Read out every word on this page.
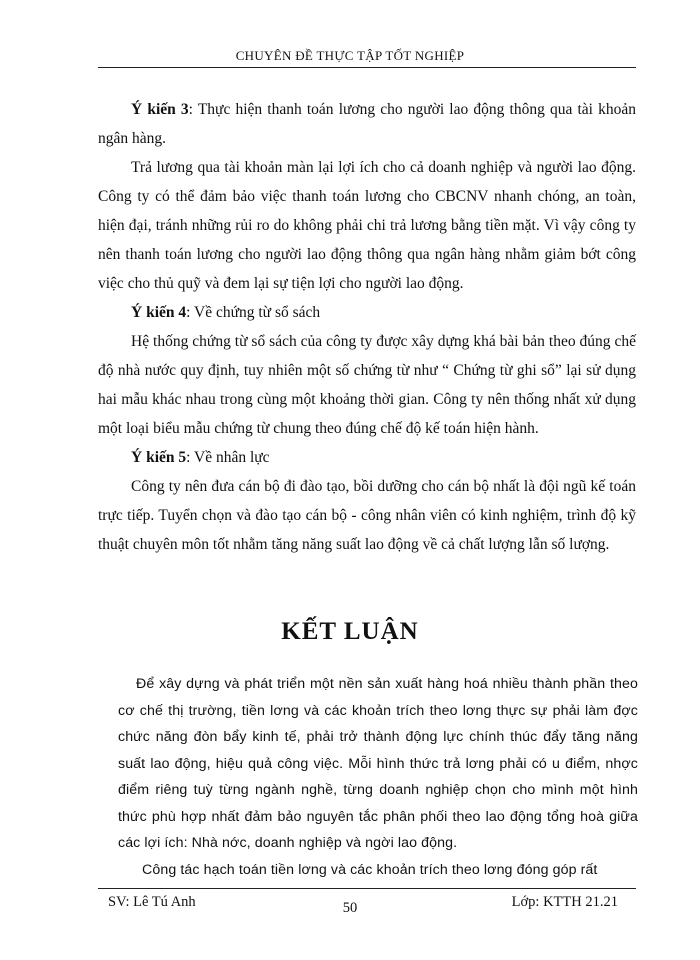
CHUYÊN ĐỀ THỰC TẬP TỐT NGHIỆP

Ý kiến 3: Thực hiện thanh toán lương cho người lao động thông qua tài khoản ngân hàng.

Trả lương qua tài khoản màn lại lợi ích cho cả doanh nghiệp và người lao động. Công ty có thể đảm bảo việc thanh toán lương cho CBCNV nhanh chóng, an toàn, hiện đại, tránh những rủi ro do không phải chi trả lương bằng tiền mặt. Vì vậy công ty nên thanh toán lương cho người lao động thông qua ngân hàng nhằm giảm bớt công việc cho thủ quỹ và đem lại sự tiện lợi cho người lao động.

Ý kiến 4: Về chứng từ sổ sách

Hệ thống chứng từ sổ sách của công ty được xây dựng khá bài bản theo đúng chế độ nhà nước quy định, tuy nhiên một số chứng từ như “ Chứng từ ghi sổ” lại sử dụng hai mẫu khác nhau trong cùng một khoảng thời gian. Công ty nên thống nhất xử dụng một loại biểu mẫu chứng từ chung theo đúng chế độ kế toán hiện hành.

Ý kiến 5: Về nhân lực

Công ty nên đưa cán bộ đi đào tạo, bồi dưỡng cho cán bộ nhất là đội ngũ kế toán trực tiếp. Tuyển chọn và đào tạo cán bộ - công nhân viên có kinh nghiệm, trình độ kỹ thuật chuyên môn tốt nhằm tăng năng suất lao động về cả chất lượng lẫn số lượng.

KẾT LUẬN

Để xây dựng và phát triển một nền sản xuất hàng hoá nhiều thành phần theo cơ chế thị trường, tiền lơng và các khoản trích theo lơng thực sự phải làm đợc chức năng đòn bẩy kinh tế, phải trở thành động lực chính thúc đẩy tăng năng suất lao động, hiệu quả công việc. Mỗi hình thức trả lơng phải có u điểm, nhợc điểm riêng tuỳ từng ngành nghề, từng doanh nghiệp chọn cho mình một hình thức phù hợp nhất đảm bảo nguyên tắc phân phối theo lao động tổng hoà giữa các lợi ích: Nhà nớc, doanh nghiệp và ngời lao động.

Công tác hạch toán tiền lơng và các khoản trích theo lơng đóng góp rất

SV: Lê Tú Anh	50	Lớp: KTTH 21.21
